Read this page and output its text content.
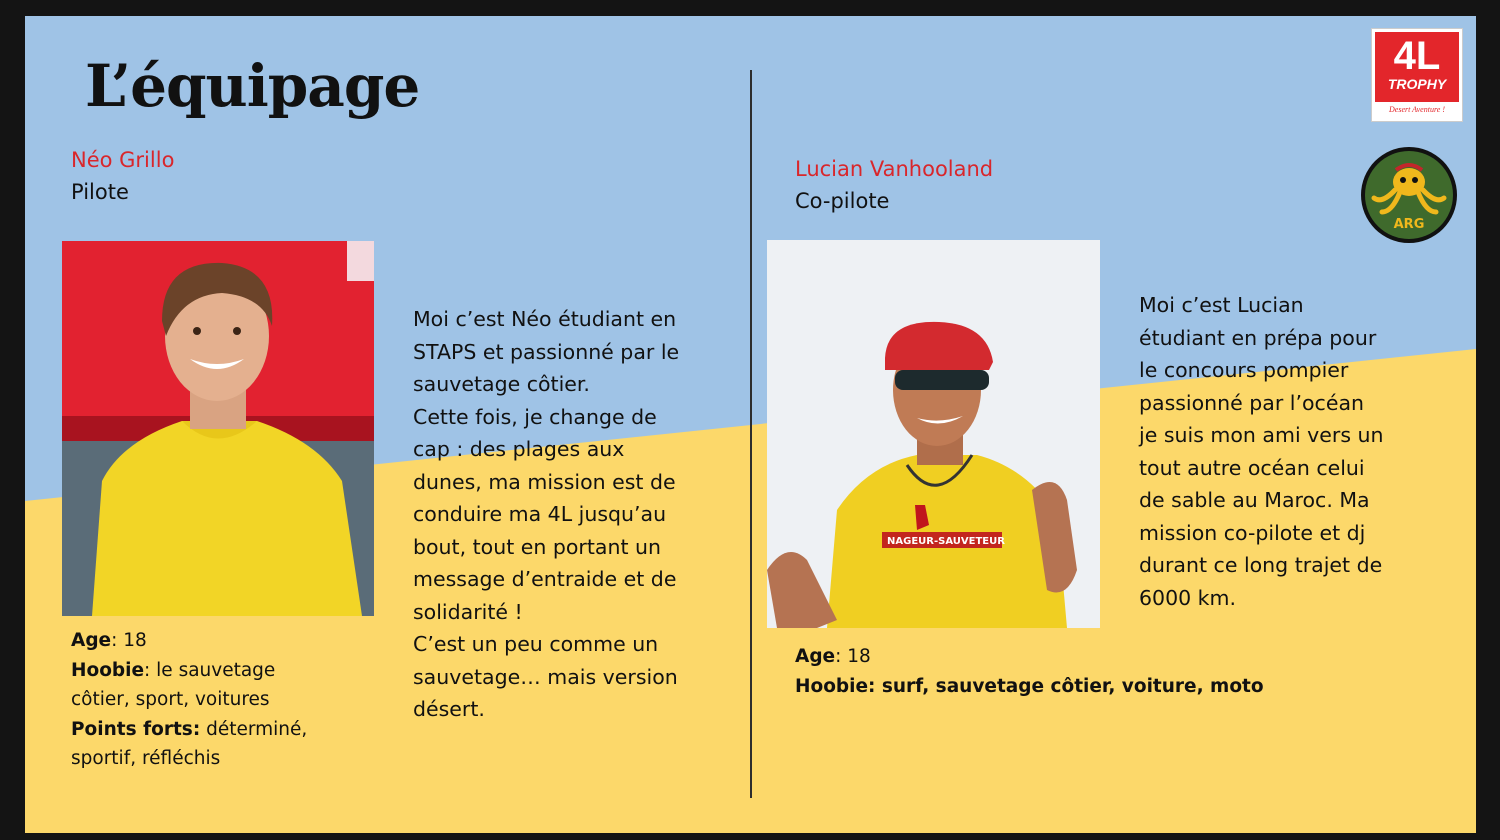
L’équipage
Néo Grillo
Pilote
Moi c’est Néo étudiant en
STAPS et passionné par le
sauvetage côtier.
Cette fois, je change de
cap : des plages aux
dunes, ma mission est de
conduire ma 4L jusqu’au
bout, tout en portant un
message d’entraide et de
solidarité !
C’est un peu comme un
sauvetage… mais version
désert.
Age: 18
Hoobie: le sauvetage côtier, sport, voitures
Points forts: déterminé, sportif, réfléchis
Lucian Vanhooland
Co-pilote
NAGEUR-SAUVETEUR
Moi c’est Lucian
étudiant en prépa pour
le concours pompier
passionné par l’océan
je suis mon ami vers un
tout autre océan celui
de sable au Maroc. Ma
mission co-pilote et dj
durant ce long trajet de
6000 km.
Age: 18
Hoobie: surf, sauvetage côtier, voiture, moto
4L
TROPHY
Desert Aventure !
ARG
